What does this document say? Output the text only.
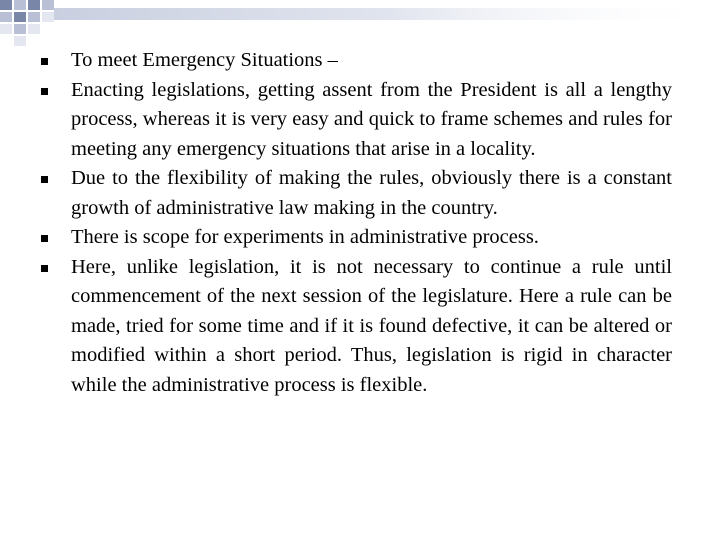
To meet Emergency Situations –
Enacting legislations, getting assent from the President is all a lengthy process, whereas it is very easy and quick to frame schemes and rules for meeting any emergency situations that arise in a locality.
Due to the flexibility of making the rules, obviously there is a constant growth of administrative law making in the country.
There is scope for experiments in administrative process.
Here, unlike legislation, it is not necessary to continue a rule until commencement of the next session of the legislature. Here a rule can be made, tried for some time and if it is found defective, it can be altered or modified within a short period. Thus, legislation is rigid in character while the administrative process is flexible.
